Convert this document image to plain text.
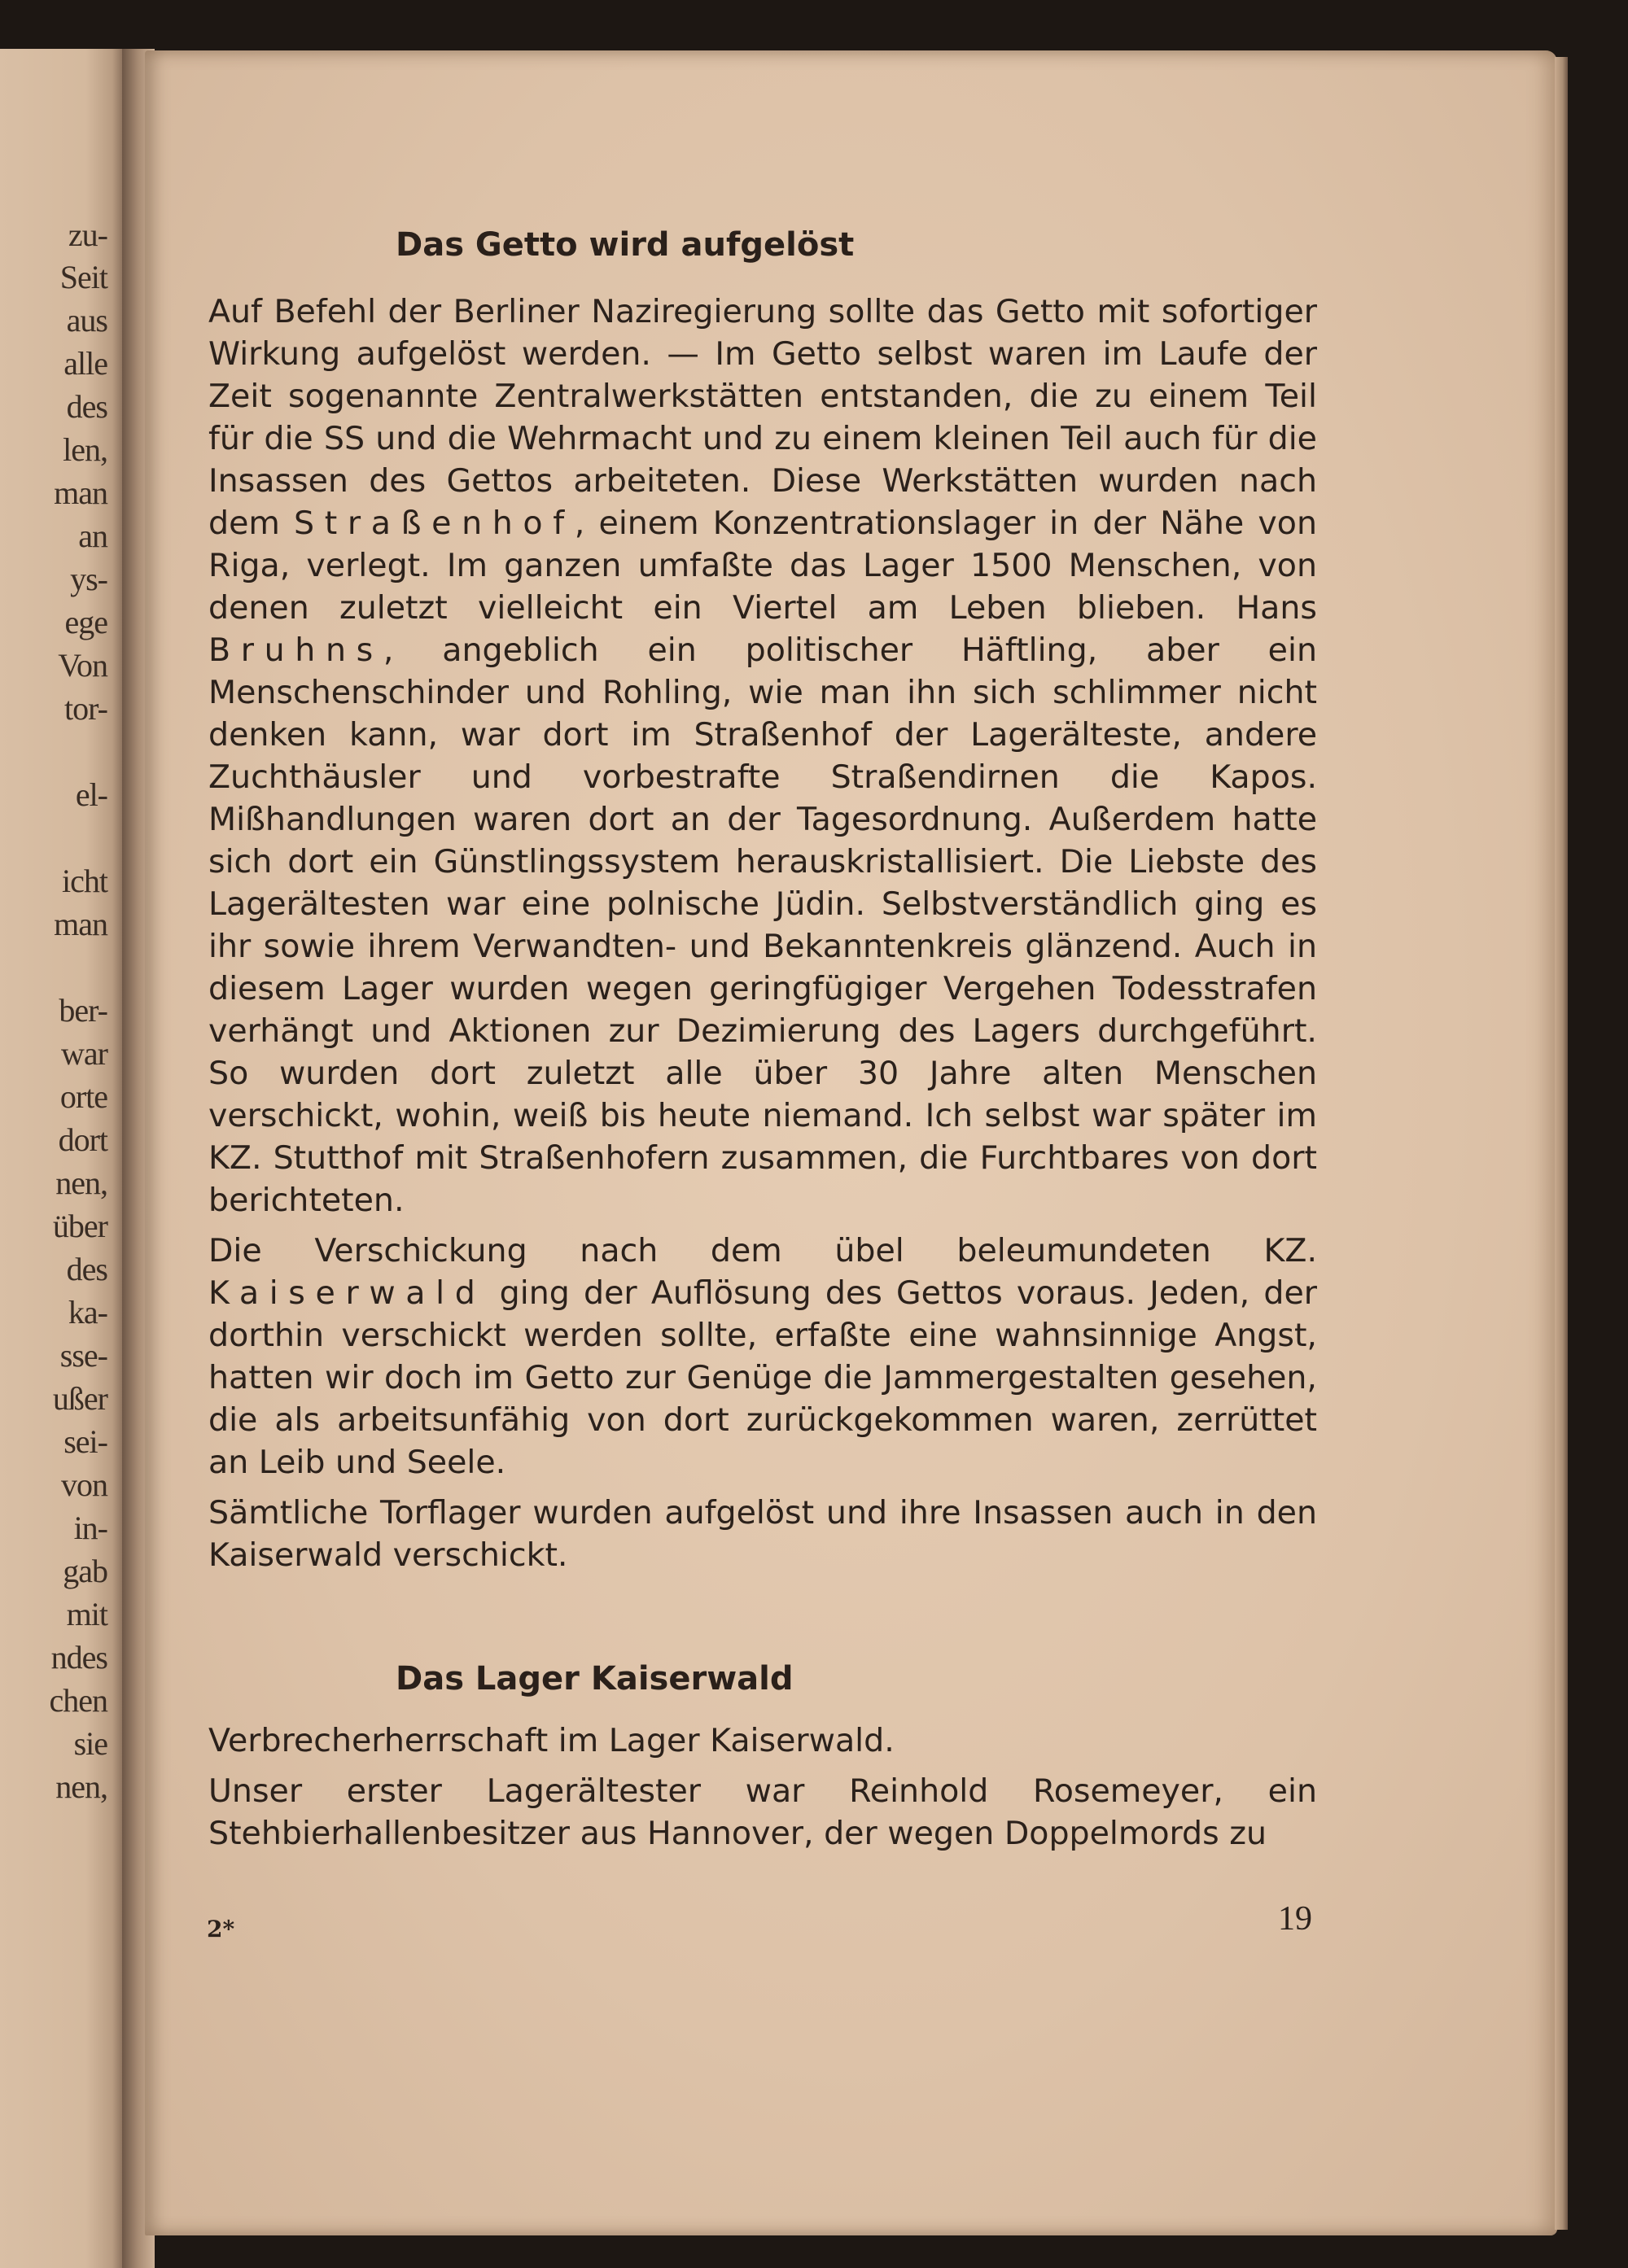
zu-
Seit
aus
alle
des
len,
man
an
ys-
ege
Von
tor-
el-
icht
man
ber-
war
orte
dort
nen,
über
des
ka-
sse-
ußer
sei-
von
in-
gab
mit
ndes
chen
sie
nen,
Das Getto wird aufgelöst

Auf Befehl der Berliner Naziregierung sollte das Getto mit sofortiger Wirkung aufgelöst werden. — Im Getto selbst waren im Laufe der Zeit sogenannte Zentralwerkstätten entstanden, die zu einem Teil für die SS und die Wehrmacht und zu einem kleinen Teil auch für die Insassen des Gettos arbeiteten. Diese Werkstätten wurden nach dem Straßenhof, einem Konzentrationslager in der Nähe von Riga, verlegt. Im ganzen umfaßte das Lager 1500 Menschen, von denen zuletzt vielleicht ein Viertel am Leben blieben. Hans Bruhns, angeblich ein politischer Häftling, aber ein Menschenschinder und Rohling, wie man ihn sich schlimmer nicht denken kann, war dort im Straßenhof der Lagerälteste, andere Zuchthäusler und vorbestrafte Straßendirnen die Kapos. Mißhandlungen waren dort an der Tagesordnung. Außerdem hatte sich dort ein Günstlingssystem herauskristallisiert. Die Liebste des Lagerältesten war eine polnische Jüdin. Selbstverständlich ging es ihr sowie ihrem Verwandten- und Bekanntenkreis glänzend. Auch in diesem Lager wurden wegen geringfügiger Vergehen Todesstrafen verhängt und Aktionen zur Dezimierung des Lagers durchgeführt. So wurden dort zuletzt alle über 30 Jahre alten Menschen verschickt, wohin, weiß bis heute niemand. Ich selbst war später im KZ. Stutthof mit Straßenhofern zusammen, die Furchtbares von dort berichteten.

Die Verschickung nach dem übel beleumundeten KZ. Kaiserwald ging der Auflösung des Gettos voraus. Jeden, der dorthin verschickt werden sollte, erfaßte eine wahnsinnige Angst, hatten wir doch im Getto zur Genüge die Jammergestalten gesehen, die als arbeitsunfähig von dort zurückgekommen waren, zerrüttet an Leib und Seele.

Sämtliche Torflager wurden aufgelöst und ihre Insassen auch in den Kaiserwald verschickt.

Das Lager Kaiserwald

Verbrecherherrschaft im Lager Kaiserwald.

Unser erster Lagerältester war Reinhold Rosemeyer, ein Stehbierhallenbesitzer aus Hannover, der wegen Doppelmords zu

2*	19
